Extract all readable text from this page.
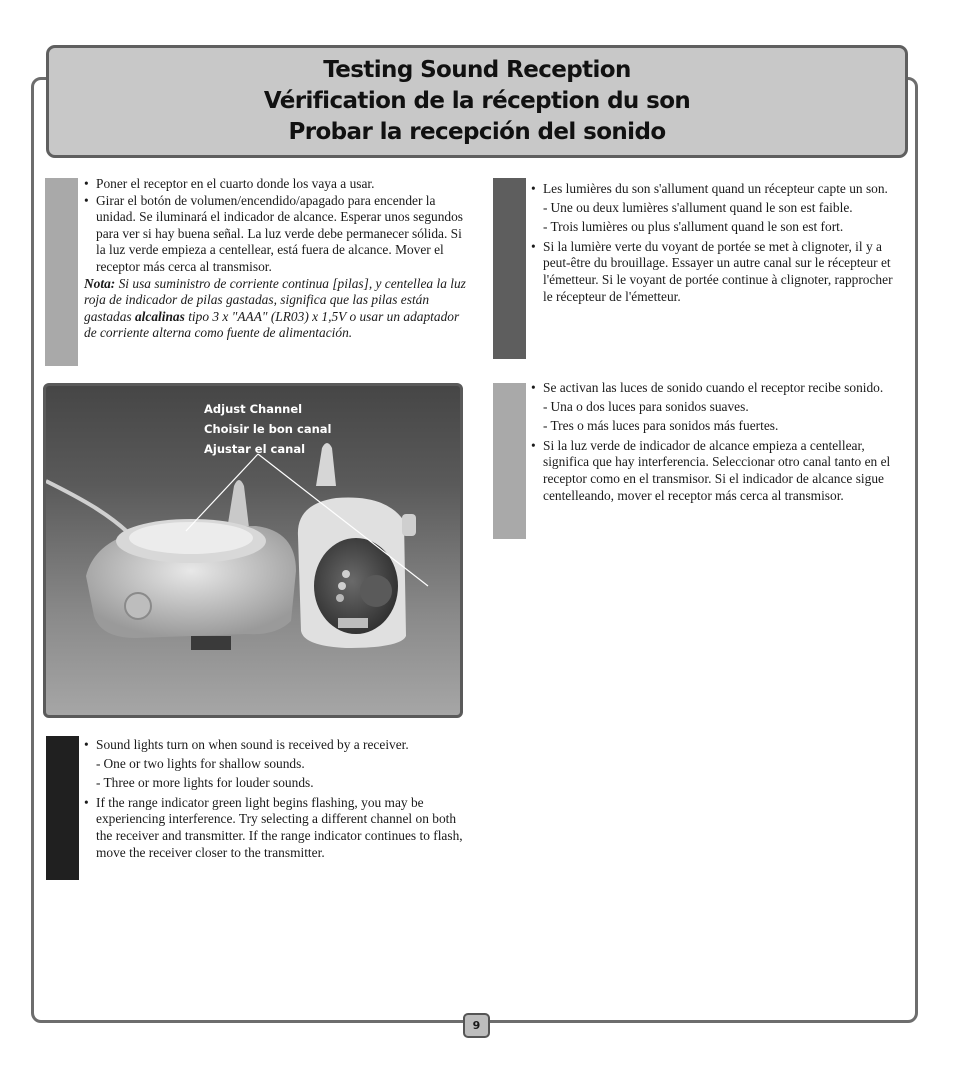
Testing Sound Reception
Vérification de la réception du son
Probar la recepción del sonido
• Poner el receptor en el cuarto donde los vaya a usar.
• Girar el botón de volumen/encendido/apagado para encender la unidad. Se iluminará el indicador de alcance. Esperar unos segundos para ver si hay buena señal. La luz verde debe permanecer sólida. Si la luz verde empieza a centellear, está fuera de alcance. Mover el receptor más cerca al transmisor.
Nota: Si usa suministro de corriente continua [pilas], y centellea la luz roja de indicador de pilas gastadas, significa que las pilas están gastadas alcalinas tipo 3 x "AAA" (LR03) x 1,5V o usar un adaptador de corriente alterna como fuente de alimentación.
Adjust Channel
Choisir le bon canal
Ajustar el canal
• Sound lights turn on when sound is received by a receiver.
- One or two lights for shallow sounds.
- Three or more lights for louder sounds.
• If the range indicator green light begins flashing, you may be experiencing interference. Try selecting a different channel on both the receiver and transmitter. If the range indicator continues to flash, move the receiver closer to the transmitter.
• Les lumières du son s'allument quand un récepteur capte un son.
- Une ou deux lumières s'allument quand le son est faible.
- Trois lumières ou plus s'allument quand le son est fort.
• Si la lumière verte du voyant de portée se met à clignoter, il y a peut-être du brouillage. Essayer un autre canal sur le récepteur et l'émetteur. Si le voyant de portée continue à clignoter, rapprocher le récepteur de l'émetteur.
• Se activan las luces de sonido cuando el receptor recibe sonido.
- Una o dos luces para sonidos suaves.
- Tres o más luces para sonidos más fuertes.
• Si la luz verde de indicador de alcance empieza a centellear, significa que hay interferencia. Seleccionar otro canal tanto en el receptor como en el transmisor. Si el indicador de alcance sigue centelleando, mover el receptor más cerca al transmisor.
9
